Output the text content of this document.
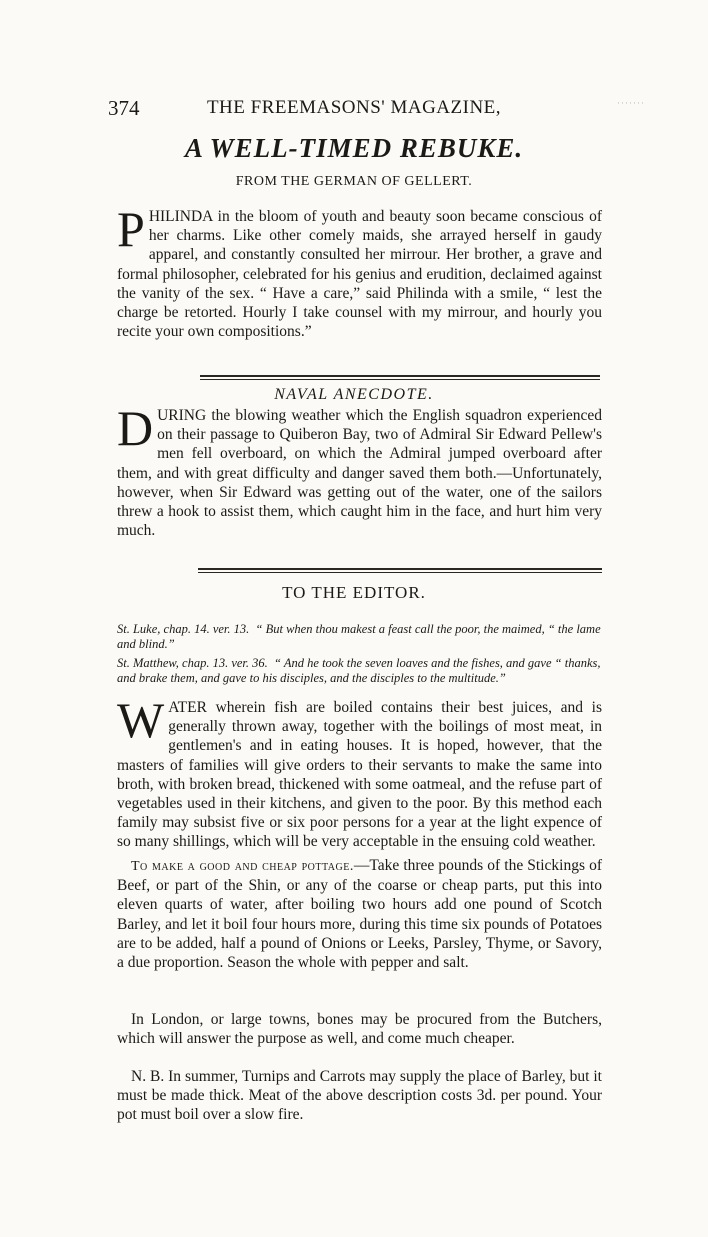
374	THE FREEMASONS' MAGAZINE,	·······
A WELL-TIMED REBUKE.
FROM THE GERMAN OF GELLERT.

PHILINDA in the bloom of youth and beauty soon became conscious of her charms. Like other comely maids, she arrayed herself in gaudy apparel, and constantly consulted her mirrour. Her brother, a grave and formal philosopher, celebrated for his genius and erudition, declaimed against the vanity of the sex. “ Have a care,” said Philinda with a smile, “ lest the charge be retorted. Hourly I take counsel with my mirrour, and hourly you recite your own compositions.”

NAVAL ANECDOTE.

DURING the blowing weather which the English squadron experienced on their passage to Quiberon Bay, two of Admiral Sir Edward Pellew's men fell overboard, on which the Admiral jumped overboard after them, and with great difficulty and danger saved them both.—Unfortunately, however, when Sir Edward was getting out of the water, one of the sailors threw a hook to assist them, which caught him in the face, and hurt him very much.

TO THE EDITOR.

St. Luke, chap. 14. ver. 13. “ But when thou makest a feast call the poor, the maimed, “ the lame and blind.”

St. Matthew, chap. 13. ver. 36. “ And he took the seven loaves and the fishes, and gave “ thanks, and brake them, and gave to his disciples, and the disciples to the multitude.”

WATER wherein fish are boiled contains their best juices, and is generally thrown away, together with the boilings of most meat, in gentlemen's and in eating houses. It is hoped, however, that the masters of families will give orders to their servants to make the same into broth, with broken bread, thickened with some oatmeal, and the refuse part of vegetables used in their kitchens, and given to the poor. By this method each family may subsist five or six poor persons for a year at the light expence of so many shillings, which will be very acceptable in the ensuing cold weather.

To make a good and cheap pottage.—Take three pounds of the Stickings of Beef, or part of the Shin, or any of the coarse or cheap parts, put this into eleven quarts of water, after boiling two hours add one pound of Scotch Barley, and let it boil four hours more, during this time six pounds of Potatoes are to be added, half a pound of Onions or Leeks, Parsley, Thyme, or Savory, a due proportion. Season the whole with pepper and salt.

In London, or large towns, bones may be procured from the Butchers, which will answer the purpose as well, and come much cheaper.

N. B. In summer, Turnips and Carrots may supply the place of Barley, but it must be made thick. Meat of the above description costs 3d. per pound. Your pot must boil over a slow fire.
